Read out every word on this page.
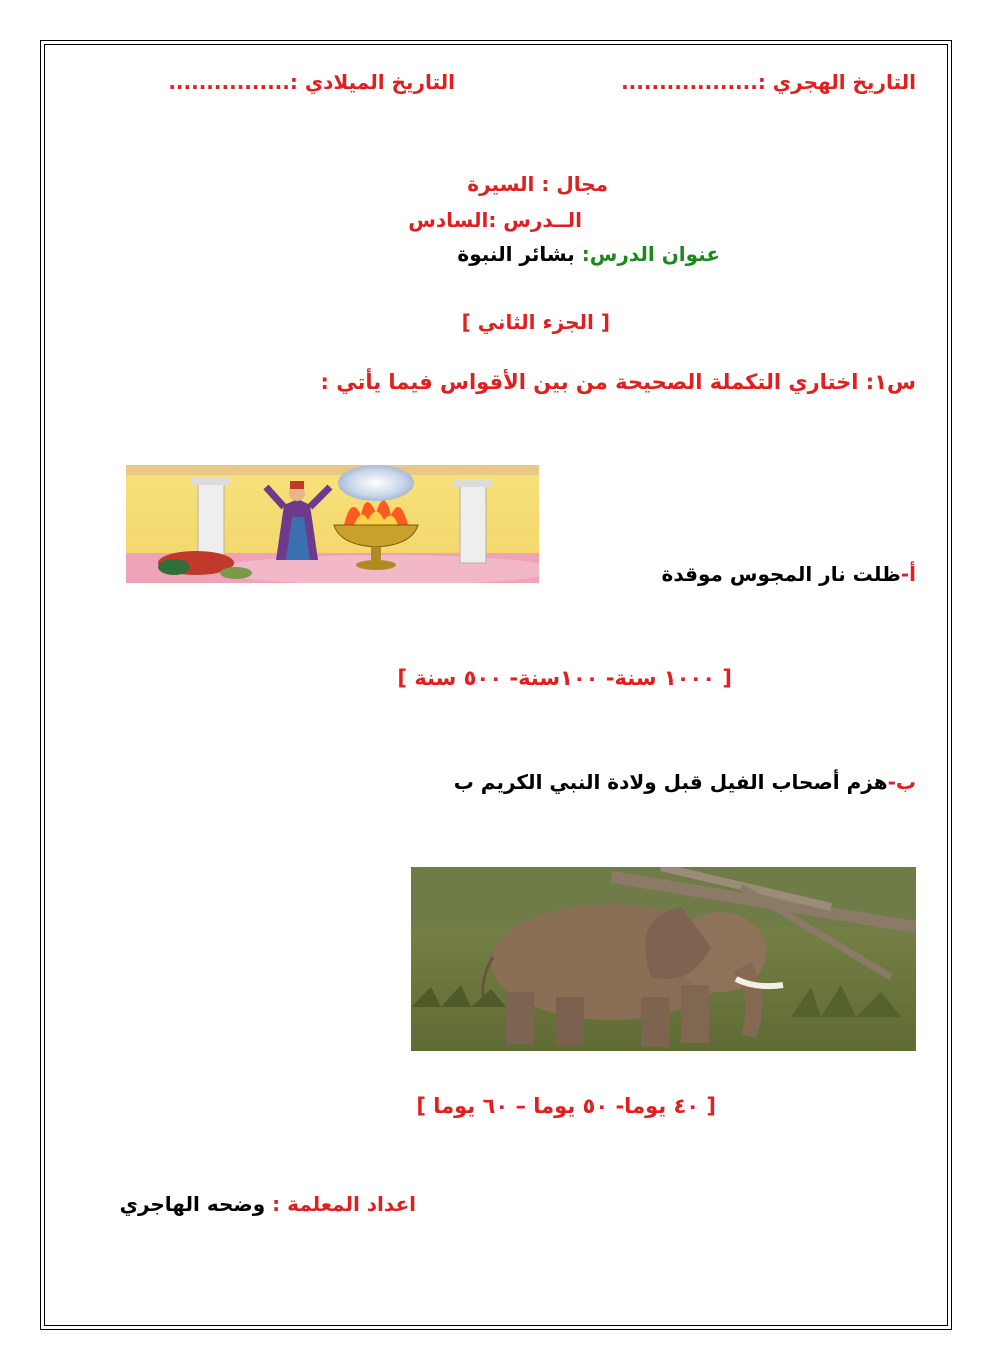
التاريخ الهجري :..................
التاريخ الميلادي :................
مجال : السيرة
الــدرس :السادس
عنوان الدرس: بشائر النبوة
[ الجزء الثاني ]
س١: اختاري التكملة الصحيحة من بين الأقواس فيما يأتي :
أ-ظلت نار المجوس موقدة
[ ١٠٠٠ سنة- ١٠٠سنة- ٥٠٠ سنة ]
ب-هزم أصحاب الفيل قبل ولادة النبي الكريم ب
[ ٤٠ يوما- ٥٠ يوما – ٦٠ يوما ]
اعداد المعلمة : وضحه الهاجري
